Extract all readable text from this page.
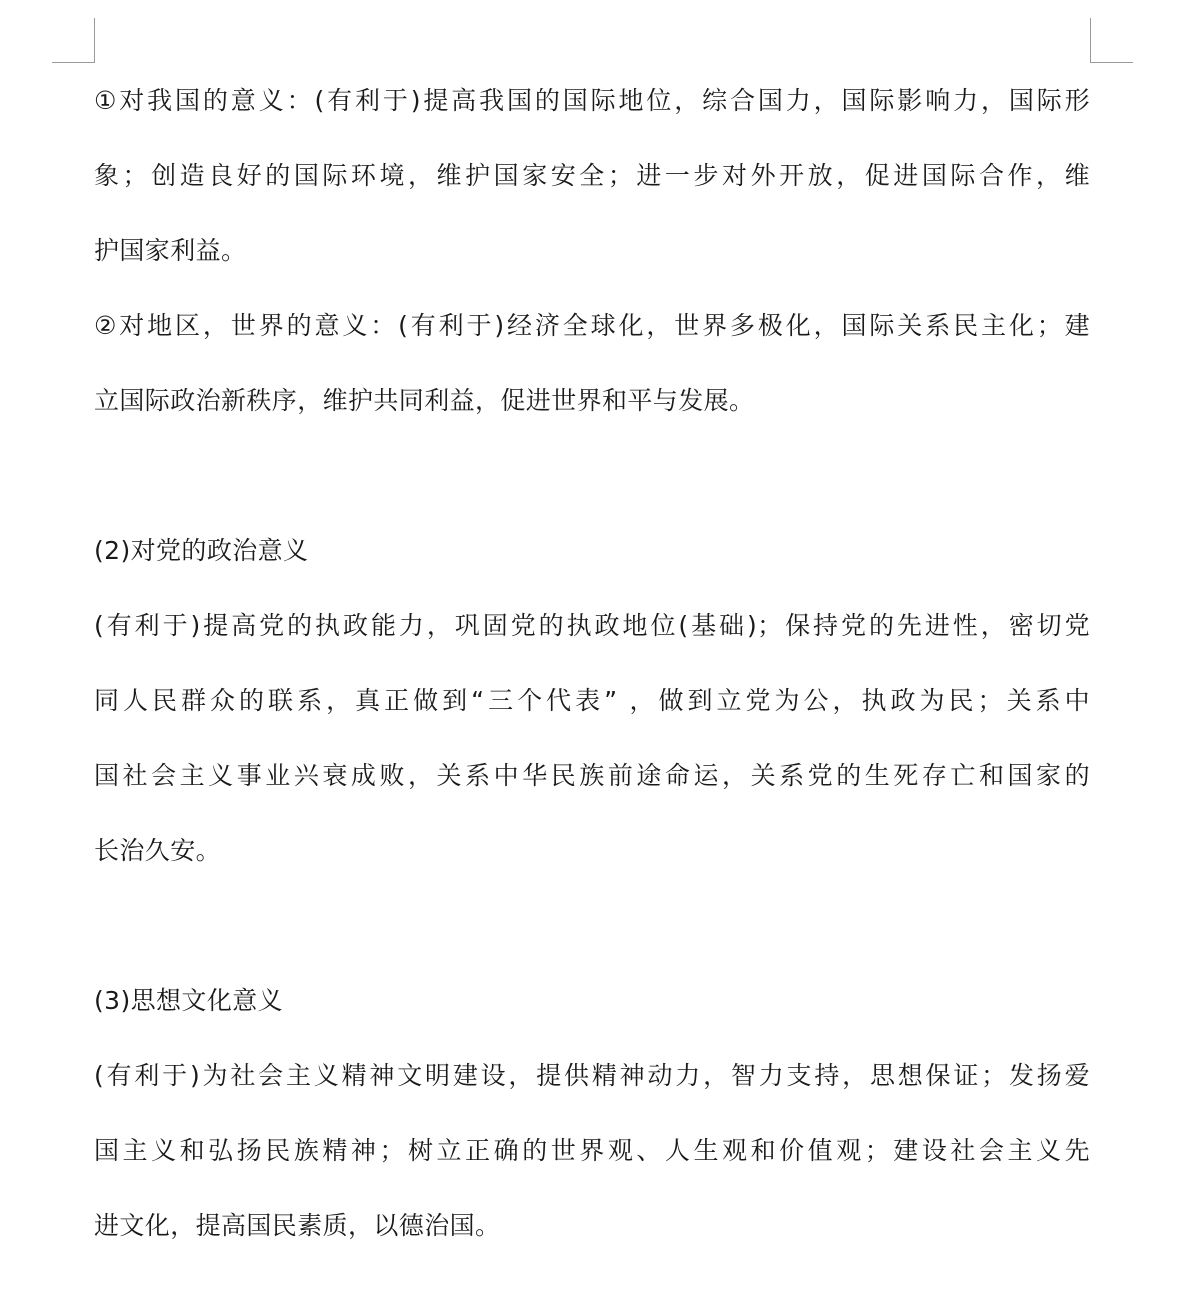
①对我国的意义：(有利于)提高我国的国际地位，综合国力，国际影响力，国际形
象；创造良好的国际环境，维护国家安全；进一步对外开放，促进国际合作，维
护国家利益。
②对地区，世界的意义：(有利于)经济全球化，世界多极化，国际关系民主化；建
立国际政治新秩序，维护共同利益，促进世界和平与发展。
(2)对党的政治意义
(有利于)提高党的执政能力，巩固党的执政地位(基础)；保持党的先进性，密切党
同人民群众的联系，真正做到“三个代表” ，做到立党为公，执政为民；关系中
国社会主义事业兴衰成败，关系中华民族前途命运，关系党的生死存亡和国家的
长治久安。
(3)思想文化意义
(有利于)为社会主义精神文明建设，提供精神动力，智力支持，思想保证；发扬爱
国主义和弘扬民族精神；树立正确的世界观、人生观和价值观；建设社会主义先
进文化，提高国民素质，以德治国。
